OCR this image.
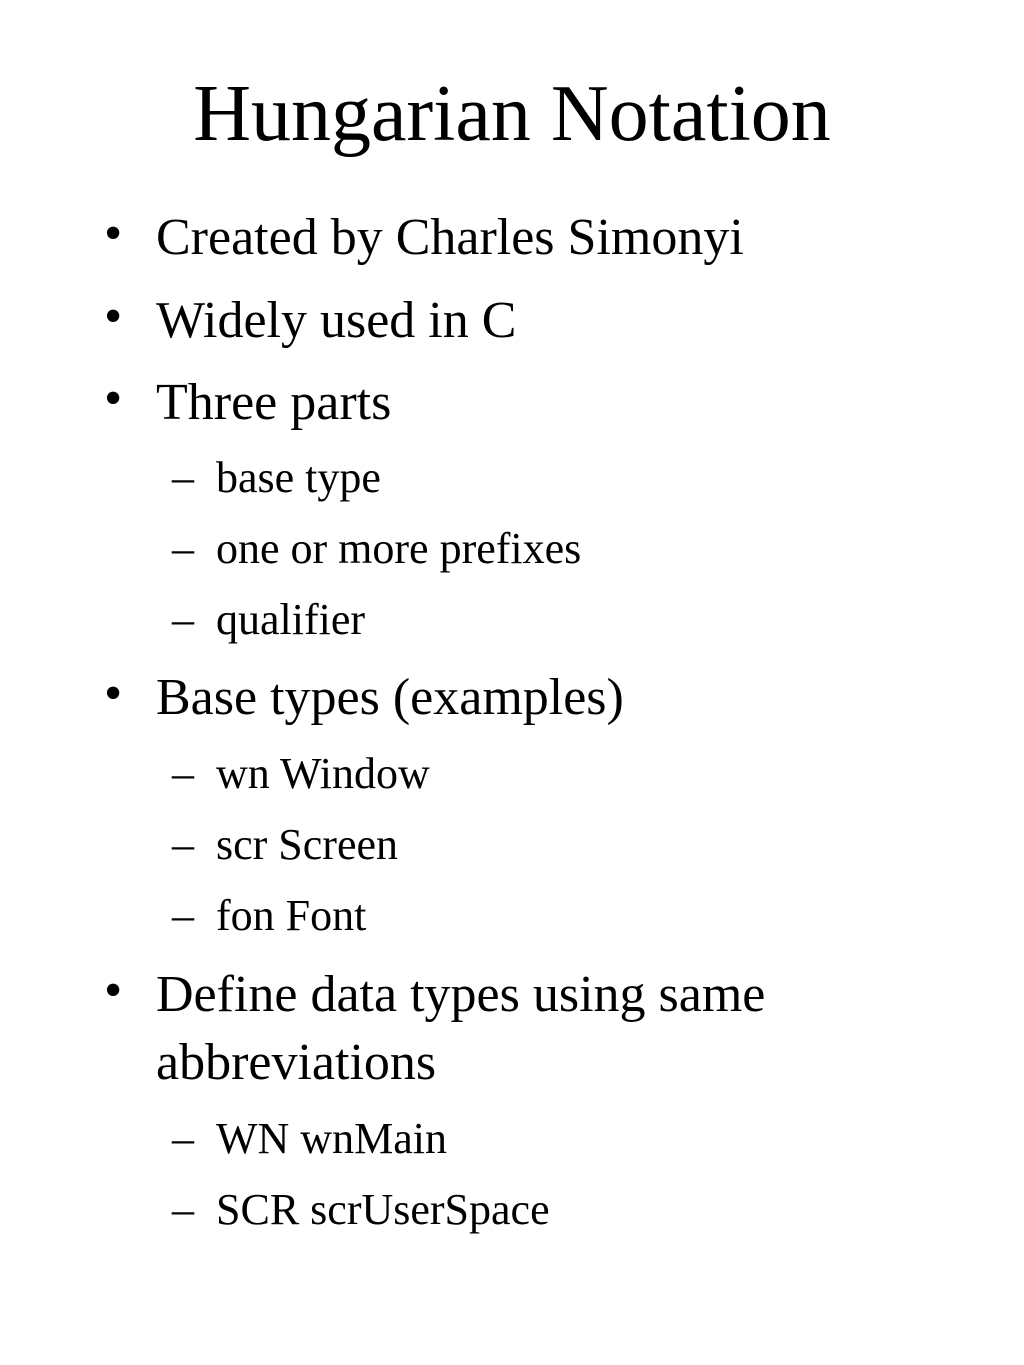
Hungarian Notation
• Created by Charles Simonyi
• Widely used in C
• Three parts
– base type
– one or more prefixes
– qualifier
• Base types (examples)
– wn Window
– scr Screen
– fon Font
• Define data types using same
abbreviations
– WN wnMain
– SCR scrUserSpace
